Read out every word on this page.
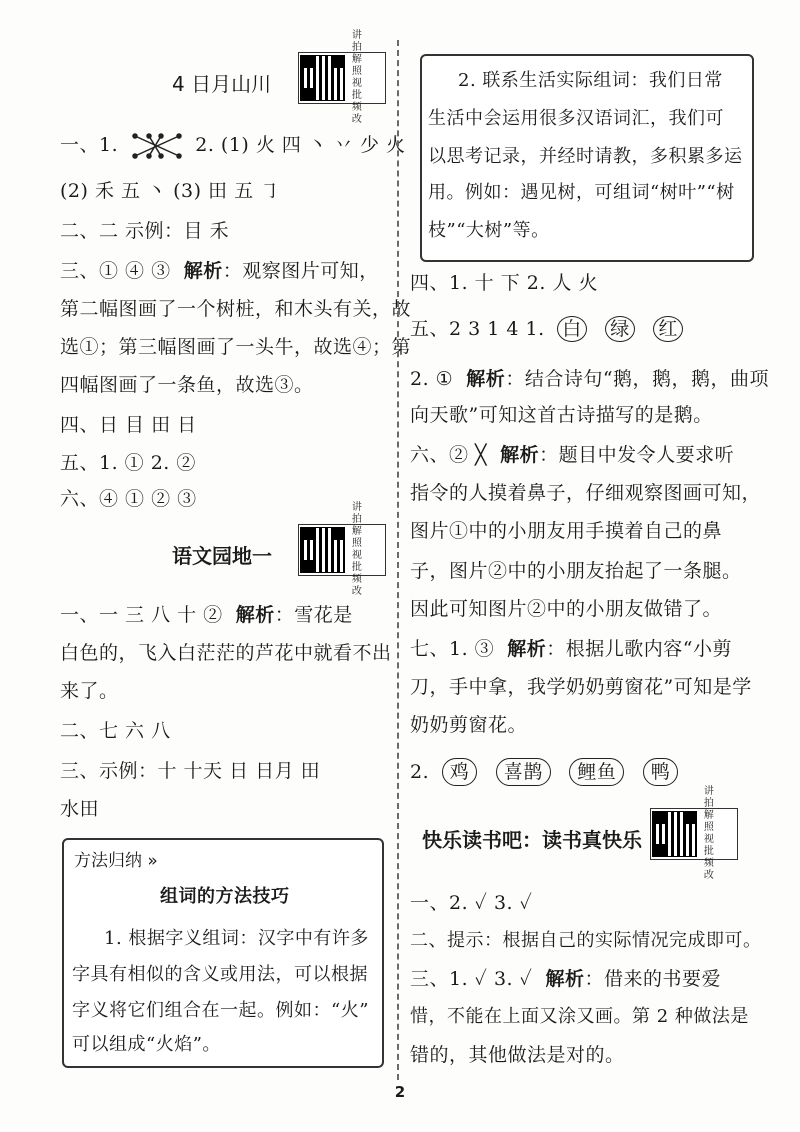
4 日月山川
讲
拍
解
照
视
批
频
改
一、1.	2. (1) 火 四 丶 丷 少 火
(2) 禾 五 丶 (3) 田 五 ㇆
二、二 示例：目 禾
三、① ④ ③ 解析：观察图片可知，
第二幅图画了一个树桩，和木头有关，故
选①；第三幅图画了一头牛，故选④；第
四幅图画了一条鱼，故选③。
四、日 目 田 日
五、1. ① 2. ②
六、④ ① ② ③
语文园地一
讲
拍
解
照
视
批
频
改
一、一 三 八 十 ② 解析：雪花是
白色的，飞入白茫茫的芦花中就看不出
来了。
二、七 六 八
三、示例：十 十天 日 日月 田
水田
方法归纳 »
组词的方法技巧
1. 根据字义组词：汉字中有许多
字具有相似的含义或用法，可以根据
字义将它们组合在一起。例如：“火”
可以组成“火焰”。
2. 联系生活实际组词：我们日常
生活中会运用很多汉语词汇，我们可
以思考记录，并经时请教，多积累多运
用。例如：遇见树，可组词“树叶”“树
枝”“大树”等。
四、1. 十 下 2. 人 火
五、2 3 1 4 1. 白 绿 红
2. ① 解析：结合诗句“鹅，鹅，鹅，曲项
向天歌”可知这首古诗描写的是鹅。
六、② ╳ 解析：题目中发令人要求听
指令的人摸着鼻子，仔细观察图画可知，
图片①中的小朋友用手摸着自己的鼻
子，图片②中的小朋友抬起了一条腿。
因此可知图片②中的小朋友做错了。
七、1. ③ 解析：根据儿歌内容“小剪
刀，手中拿，我学奶奶剪窗花”可知是学
奶奶剪窗花。
2. 鸡 喜鹊 鲤鱼 鸭
快乐读书吧：读书真快乐
讲
拍
解
照
视
批
频
改
一、2. ✓ 3. ✓
二、提示：根据自己的实际情况完成即可。
三、1. ✓ 3. ✓ 解析：借来的书要爱
惜，不能在上面又涂又画。第 2 种做法是
错的，其他做法是对的。
2
